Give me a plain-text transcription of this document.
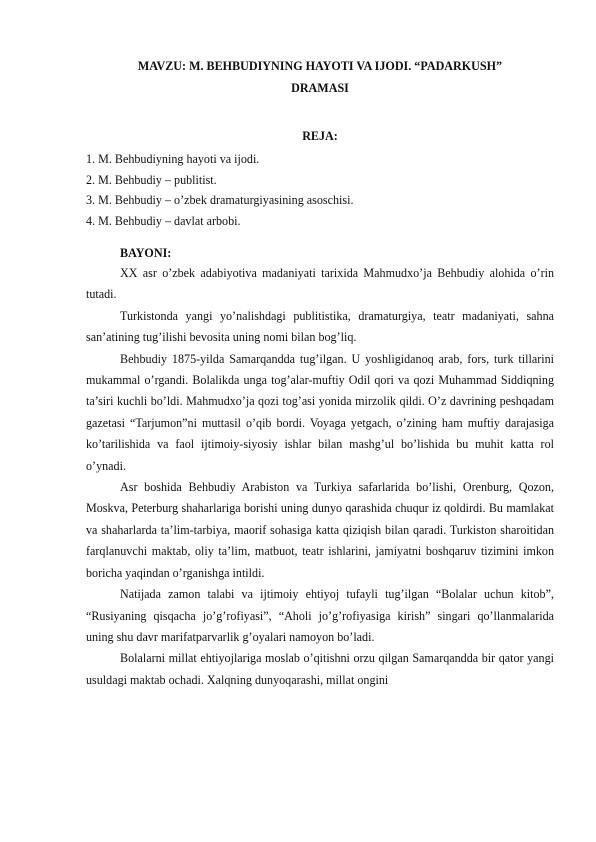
MAVZU: M. BEHBUDIYNING HAYOTI VA IJODI. “PADARKUSH”
DRAMASI
REJA:
1. M. Behbudiyning hayoti va ijodi.
2. M. Behbudiy – publitist.
3. M. Behbudiy – o’zbek dramaturgiyasining asoschisi.
4. M. Behbudiy – davlat arbobi.
BAYONI:

XX asr o’zbek adabiyotiva madaniyati tarixida Mahmudxo’ja Behbudiy alohida o’rin tutadi.

Turkistonda yangi yo’nalishdagi publitistika, dramaturgiya, teatr madaniyati, sahna san’atining tug’ilishi bevosita uning nomi bilan bog’liq.

Behbudiy 1875-yilda Samarqandda tug’ilgan. U yoshligidanoq arab, fors, turk tillarini mukammal o’rgandi. Bolalikda unga tog’alar-muftiy Odil qori va qozi Muhammad Siddiqning ta’siri kuchli bo’ldi. Mahmudxo’ja qozi tog’asi yonida mirzolik qildi. O’z davrining peshqadam gazetasi “Tarjumon”ni muttasil o’qib bordi. Voyaga yetgach, o’zining ham muftiy darajasiga ko’tarilishida va faol ijtimoiy-siyosiy ishlar bilan mashg’ul bo’lishida bu muhit katta rol o’ynadi.

Asr boshida Behbudiy Arabiston va Turkiya safarlarida bo’lishi, Orenburg, Qozon, Moskva, Peterburg shaharlariga borishi uning dunyo qarashida chuqur iz qoldirdi. Bu mamlakat va shaharlarda ta’lim-tarbiya, maorif sohasiga katta qiziqish bilan qaradi. Turkiston sharoitidan farqlanuvchi maktab, oliy ta’lim, matbuot, teatr ishlarini, jamiyatni boshqaruv tizimini imkon boricha yaqindan o’rganishga intildi.

Natijada zamon talabi va ijtimoiy ehtiyoj tufayli tug’ilgan “Bolalar uchun kitob”, “Rusiyaning qisqacha jo’g’rofiyasi”, “Aholi jo’g’rofiyasiga kirish” singari qo’llanmalarida uning shu davr marifatparvarlik g’oyalari namoyon bo’ladi.

Bolalarni millat ehtiyojlariga moslab o’qitishni orzu qilgan Samarqandda bir qator yangi usuldagi maktab ochadi. Xalqning dunyoqarashi, millat ongini
